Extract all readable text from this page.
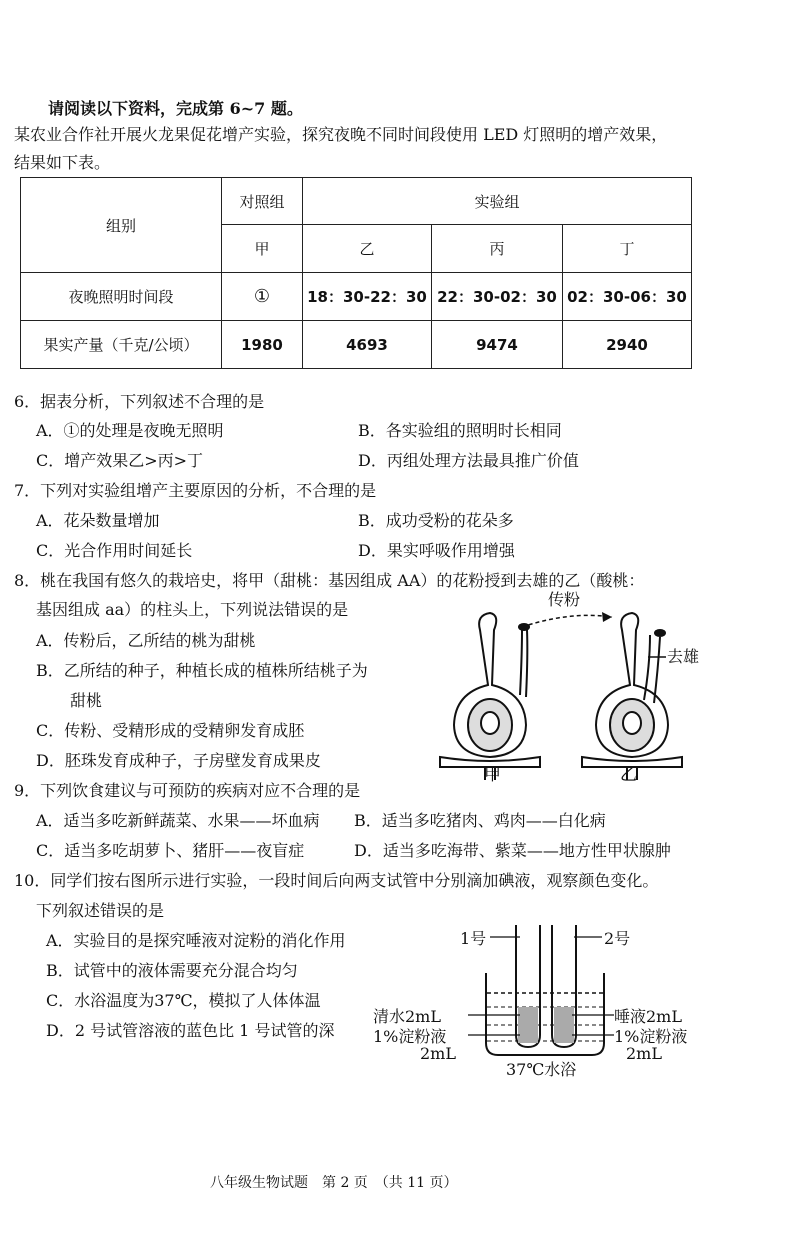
请阅读以下资料，完成第 6~7 题。
某农业合作社开展火龙果促花增产实验，探究夜晚不同时间段使用 LED 灯照明的增产效果，
结果如下表。
组别	对照组	实验组		
	甲	乙	丙	丁
夜晚照明时间段	①	18：30-22：30	22：30-02：30	02：30-06：30
果实产量（千克/公顷）	1980	4693	9474	2940
6．据表分析，下列叙述不合理的是
A．①的处理是夜晚无照明	B．各实验组的照明时长相同
C．增产效果乙>丙>丁	D．丙组处理方法最具推广价值
7．下列对实验组增产主要原因的分析，不合理的是
A．花朵数量增加	B．成功受粉的花朵多
C．光合作用时间延长	D．果实呼吸作用增强
8．桃在我国有悠久的栽培史，将甲（甜桃：基因组成 AA）的花粉授到去雄的乙（酸桃：
基因组成 aa）的柱头上，下列说法错误的是
A．传粉后，乙所结的桃为甜桃
B．乙所结的种子，种植长成的植株所结桃子为
甜桃
C．传粉、受精形成的受精卵发育成胚
D．胚珠发育成种子，子房壁发育成果皮
传粉
去雄
甲	乙
9．下列饮食建议与可预防的疾病对应不合理的是
A．适当多吃新鲜蔬菜、水果——坏血病 B．适当多吃猪肉、鸡肉——白化病
C．适当多吃胡萝卜、猪肝——夜盲症	D．适当多吃海带、紫菜——地方性甲状腺肿
10．同学们按右图所示进行实验，一段时间后向两支试管中分别滴加碘液，观察颜色变化。
下列叙述错误的是
A．实验目的是探究唾液对淀粉的消化作用
B．试管中的液体需要充分混合均匀
C．水浴温度为37℃，模拟了人体体温
D．2 号试管溶液的蓝色比 1 号试管的深
1号	2号
清水2mL
1%淀粉液
2mL
唾液2mL
1%淀粉液
2mL
37℃水浴
八年级生物试题　第 2 页　（共 11 页）
